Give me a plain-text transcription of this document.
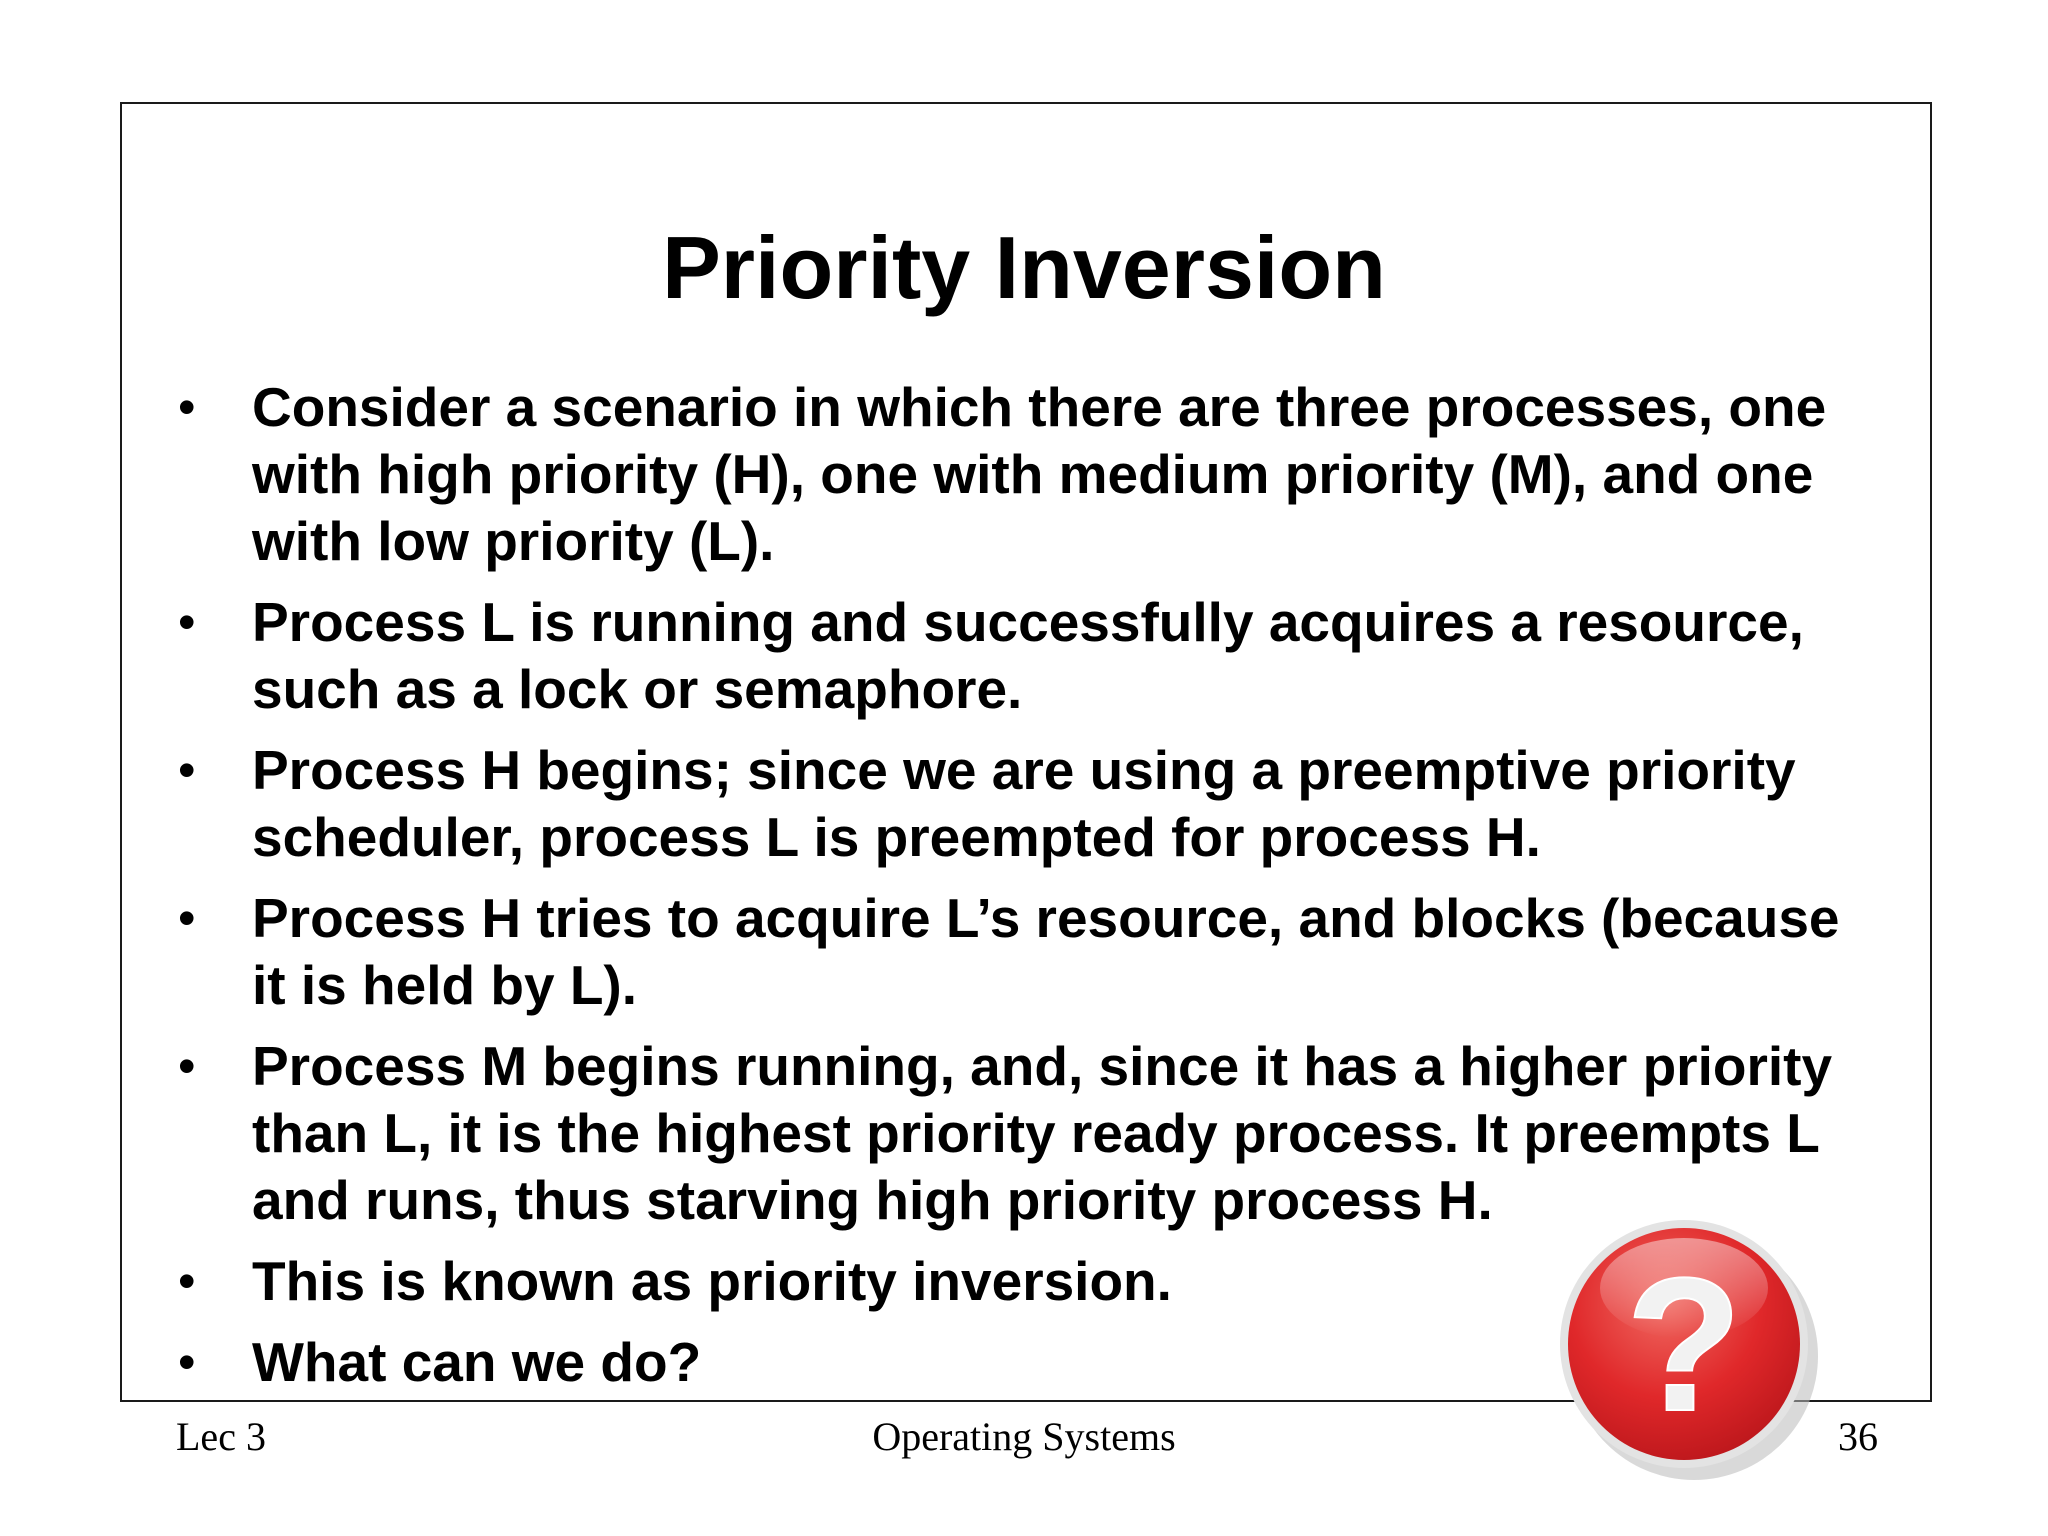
Priority Inversion
• Consider a scenario in which there are three processes, one with high priority (H), one with medium priority (M), and one with low priority (L).
• Process L is running and successfully acquires a resource, such as a lock or semaphore.
• Process H begins; since we are using a preemptive priority scheduler, process L is preempted for process H.
• Process H tries to acquire L’s resource, and blocks (because it is held by L).
• Process M begins running, and, since it has a higher priority than L, it is the highest priority ready process. It preempts L and runs, thus starving high priority process H.
• This is known as priority inversion.
• What can we do?	?
Lec 3	Operating Systems	36
